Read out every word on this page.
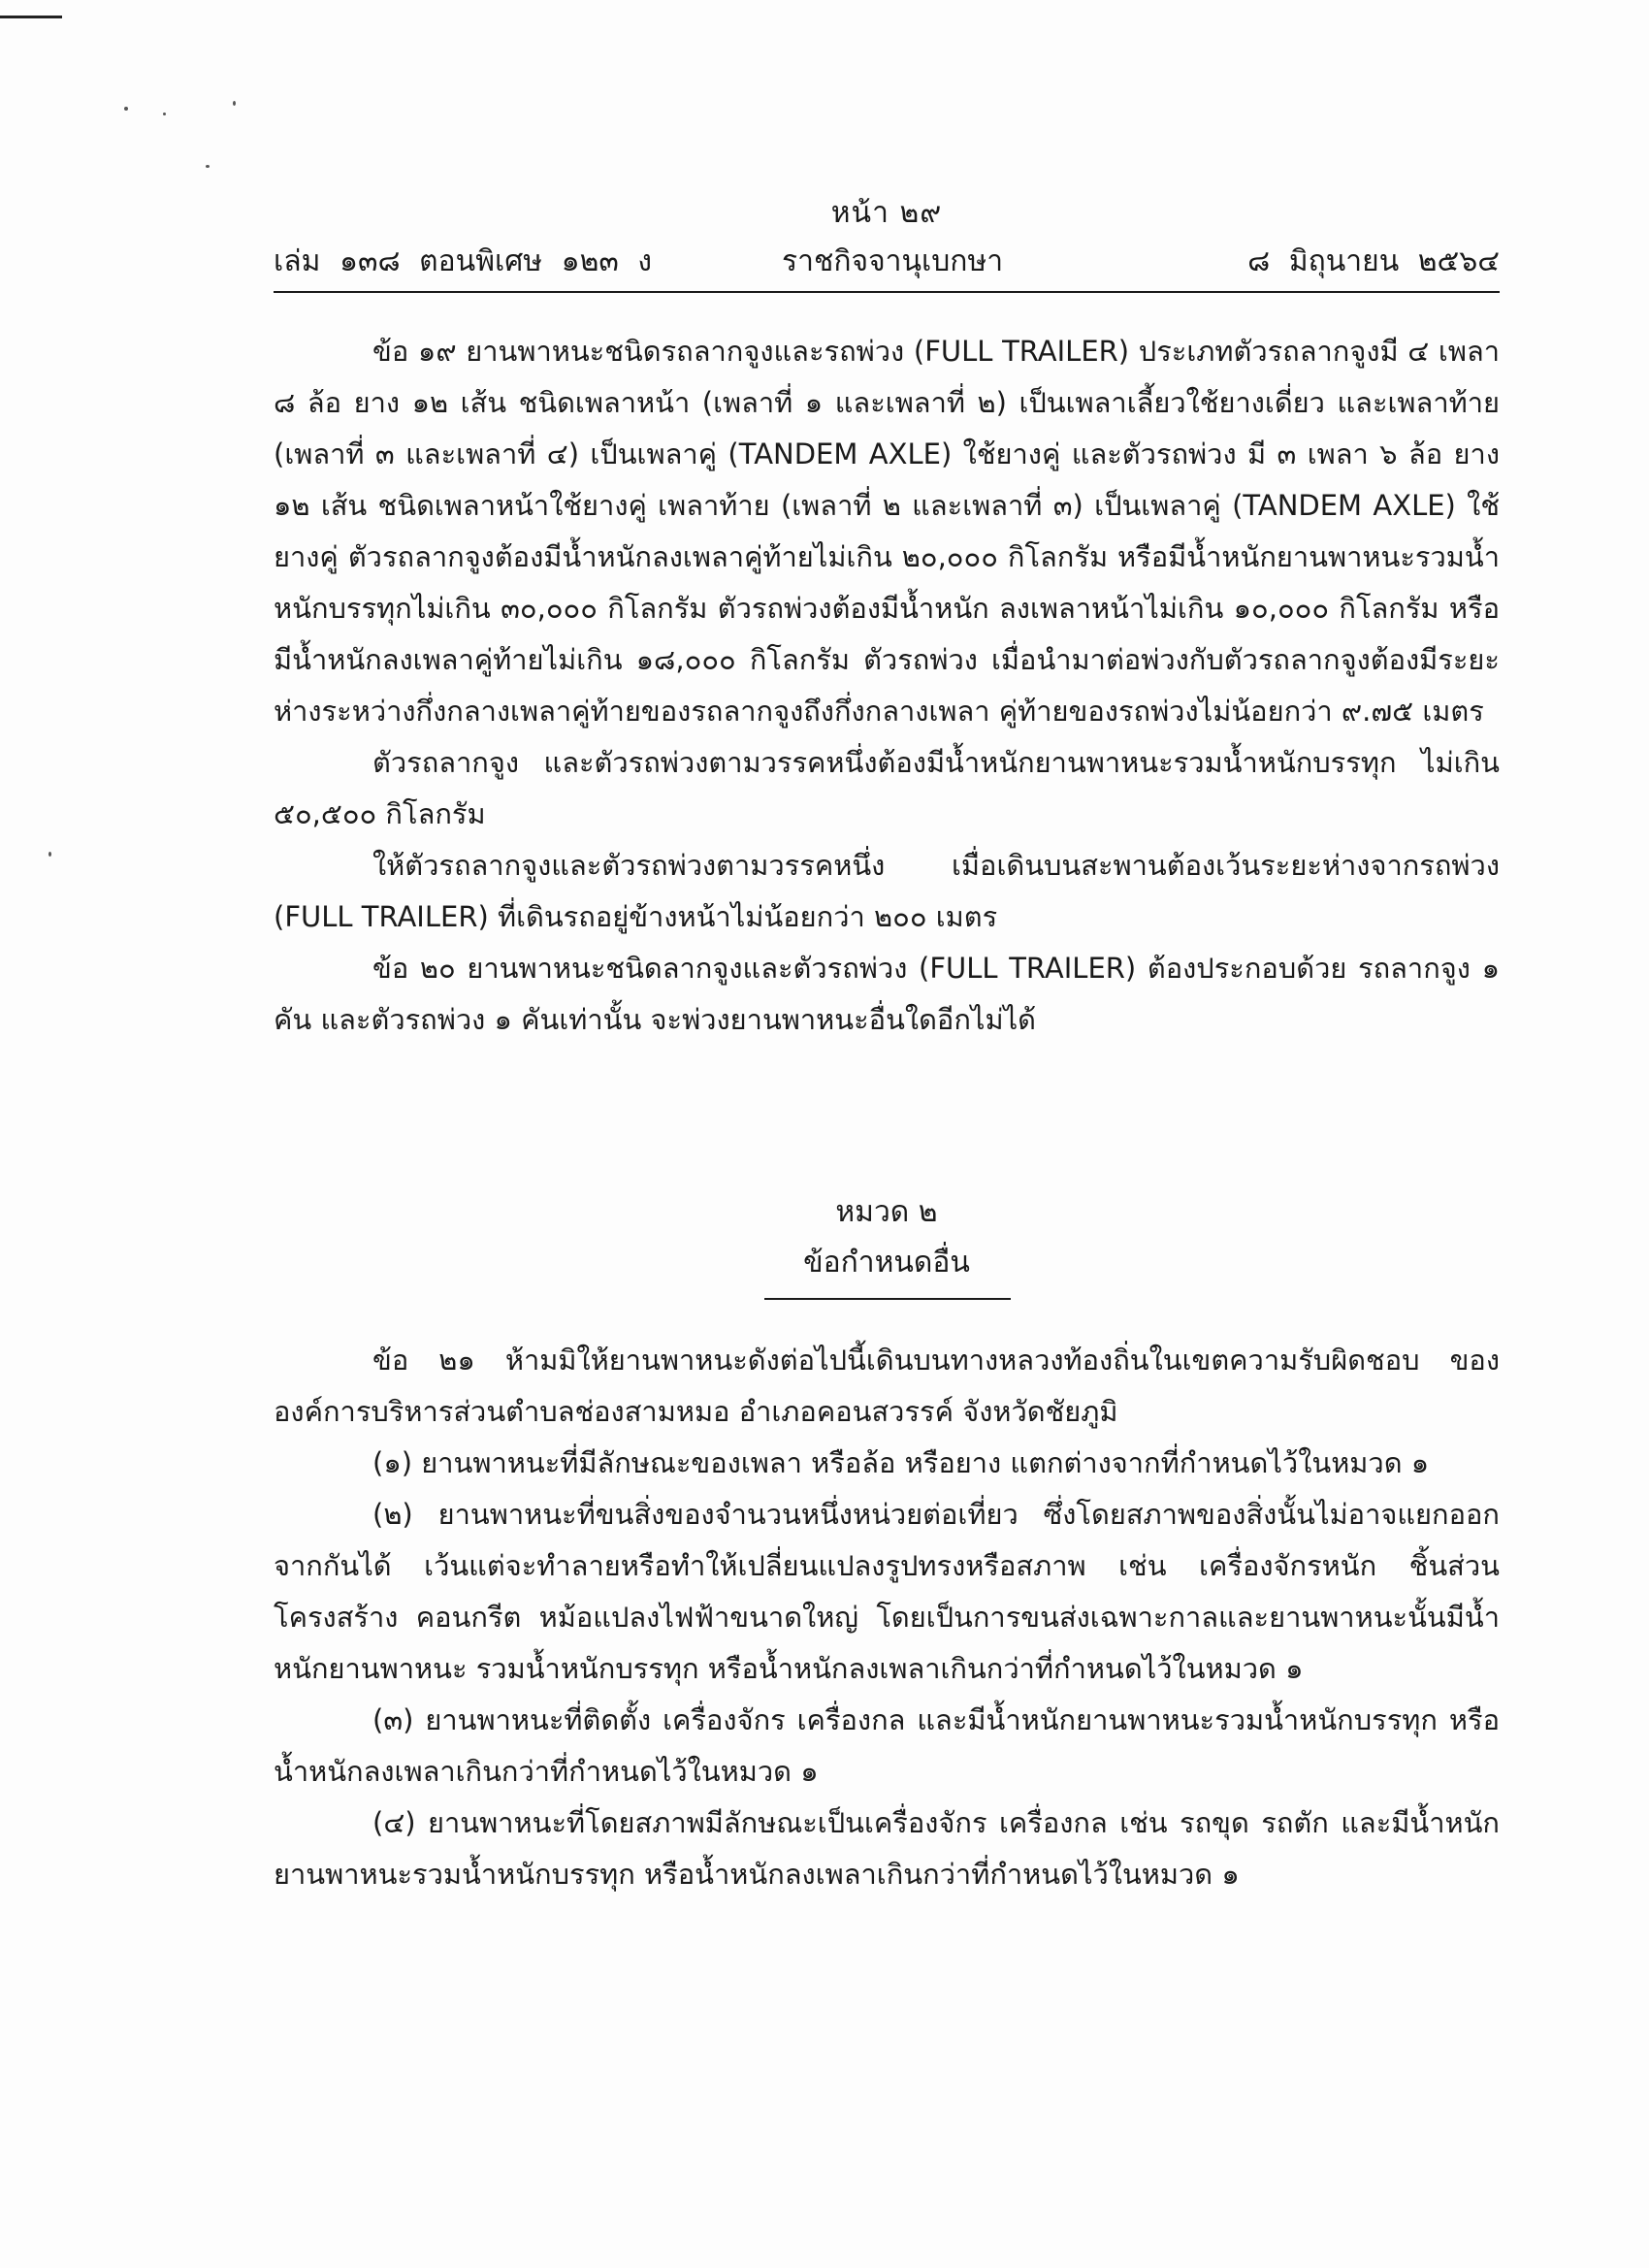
หน้า ๒๙
เล่ม ๑๓๘ ตอนพิเศษ ๑๒๓ ง	ราชกิจจานุเบกษา	๘ มิถุนายน ๒๕๖๔

ข้อ ๑๙ ยานพาหนะชนิดรถลากจูงและรถพ่วง (FULL TRAILER) ประเภทตัวรถลากจูงมี ๔ เพลา ๘ ล้อ ยาง ๑๒ เส้น ชนิดเพลาหน้า (เพลาที่ ๑ และเพลาที่ ๒) เป็นเพลาเลี้ยวใช้ยางเดี่ยว และเพลาท้าย (เพลาที่ ๓ และเพลาที่ ๔) เป็นเพลาคู่ (TANDEM AXLE) ใช้ยางคู่ และตัวรถพ่วง มี ๓ เพลา ๖ ล้อ ยาง ๑๒ เส้น ชนิดเพลาหน้าใช้ยางคู่ เพลาท้าย (เพลาที่ ๒ และเพลาที่ ๓) เป็นเพลาคู่ (TANDEM AXLE) ใช้ยางคู่ ตัวรถลากจูงต้องมีน้ำหนักลงเพลาคู่ท้ายไม่เกิน ๒๐,๐๐๐ กิโลกรัม หรือมีน้ำหนักยานพาหนะรวมน้ำหนักบรรทุกไม่เกิน ๓๐,๐๐๐ กิโลกรัม ตัวรถพ่วงต้องมีน้ำหนัก ลงเพลาหน้าไม่เกิน ๑๐,๐๐๐ กิโลกรัม หรือมีน้ำหนักลงเพลาคู่ท้ายไม่เกิน ๑๘,๐๐๐ กิโลกรัม ตัวรถพ่วง เมื่อนำมาต่อพ่วงกับตัวรถลากจูงต้องมีระยะห่างระหว่างกึ่งกลางเพลาคู่ท้ายของรถลากจูงถึงกึ่งกลางเพลา คู่ท้ายของรถพ่วงไม่น้อยกว่า ๙.๗๕ เมตร

ตัวรถลากจูง และตัวรถพ่วงตามวรรคหนึ่งต้องมีน้ำหนักยานพาหนะรวมน้ำหนักบรรทุก ไม่เกิน ๕๐,๕๐๐ กิโลกรัม

ให้ตัวรถลากจูงและตัวรถพ่วงตามวรรคหนึ่ง เมื่อเดินบนสะพานต้องเว้นระยะห่างจากรถพ่วง (FULL TRAILER) ที่เดินรถอยู่ข้างหน้าไม่น้อยกว่า ๒๐๐ เมตร

ข้อ ๒๐ ยานพาหนะชนิดลากจูงและตัวรถพ่วง (FULL TRAILER) ต้องประกอบด้วย รถลากจูง ๑ คัน และตัวรถพ่วง ๑ คันเท่านั้น จะพ่วงยานพาหนะอื่นใดอีกไม่ได้

หมวด ๒
ข้อกำหนดอื่น

ข้อ ๒๑ ห้ามมิให้ยานพาหนะดังต่อไปนี้เดินบนทางหลวงท้องถิ่นในเขตความรับผิดชอบ ขององค์การบริหารส่วนตำบลช่องสามหมอ อำเภอคอนสวรรค์ จังหวัดชัยภูมิ

(๑) ยานพาหนะที่มีลักษณะของเพลา หรือล้อ หรือยาง แตกต่างจากที่กำหนดไว้ในหมวด ๑

(๒) ยานพาหนะที่ขนสิ่งของจำนวนหนึ่งหน่วยต่อเที่ยว ซึ่งโดยสภาพของสิ่งนั้นไม่อาจแยกออกจากกันได้ เว้นแต่จะทำลายหรือทำให้เปลี่ยนแปลงรูปทรงหรือสภาพ เช่น เครื่องจักรหนัก ชิ้นส่วนโครงสร้าง คอนกรีต หม้อแปลงไฟฟ้าขนาดใหญ่ โดยเป็นการขนส่งเฉพาะกาลและยานพาหนะนั้นมีน้ำหนักยานพาหนะ รวมน้ำหนักบรรทุก หรือน้ำหนักลงเพลาเกินกว่าที่กำหนดไว้ในหมวด ๑

(๓) ยานพาหนะที่ติดตั้ง เครื่องจักร เครื่องกล และมีน้ำหนักยานพาหนะรวมน้ำหนักบรรทุก หรือน้ำหนักลงเพลาเกินกว่าที่กำหนดไว้ในหมวด ๑

(๔) ยานพาหนะที่โดยสภาพมีลักษณะเป็นเครื่องจักร เครื่องกล เช่น รถขุด รถตัก และมีน้ำหนักยานพาหนะรวมน้ำหนักบรรทุก หรือน้ำหนักลงเพลาเกินกว่าที่กำหนดไว้ในหมวด ๑
